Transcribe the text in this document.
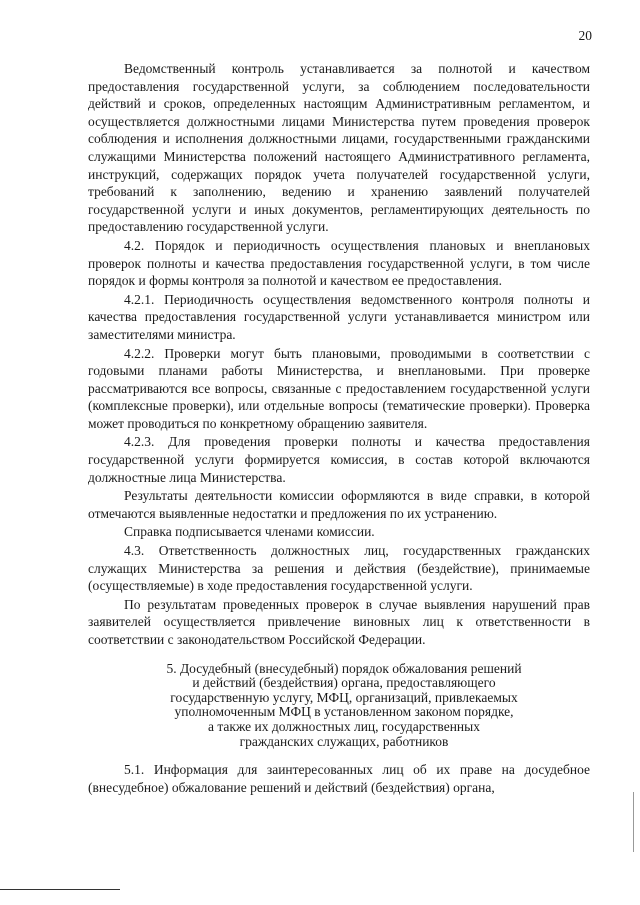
20

Ведомственный контроль устанавливается за полнотой и качеством предоставления государственной услуги, за соблюдением последовательности действий и сроков, определенных настоящим Административным регламентом, и осуществляется должностными лицами Министерства путем проведения проверок соблюдения и исполнения должностными лицами, государственными гражданскими служащими Министерства положений настоящего Административного регламента, инструкций, содержащих порядок учета получателей государственной услуги, требований к заполнению, ведению и хранению заявлений получателей государственной услуги и иных документов, регламентирующих деятельность по предоставлению государственной услуги.

4.2. Порядок и периодичность осуществления плановых и внеплановых проверок полноты и качества предоставления государственной услуги, в том числе порядок и формы контроля за полнотой и качеством ее предоставления.

4.2.1. Периодичность осуществления ведомственного контроля полноты и качества предоставления государственной услуги устанавливается министром или заместителями министра.

4.2.2. Проверки могут быть плановыми, проводимыми в соответствии с годовыми планами работы Министерства, и внеплановыми. При проверке рассматриваются все вопросы, связанные с предоставлением государственной услуги (комплексные проверки), или отдельные вопросы (тематические проверки). Проверка может проводиться по конкретному обращению заявителя.

4.2.3. Для проведения проверки полноты и качества предоставления государственной услуги формируется комиссия, в состав которой включаются должностные лица Министерства.

Результаты деятельности комиссии оформляются в виде справки, в которой отмечаются выявленные недостатки и предложения по их устранению.

Справка подписывается членами комиссии.

4.3. Ответственность должностных лиц, государственных гражданских служащих Министерства за решения и действия (бездействие), принимаемые (осуществляемые) в ходе предоставления государственной услуги.

По результатам проведенных проверок в случае выявления нарушений прав заявителей осуществляется привлечение виновных лиц к ответственности в соответствии с законодательством Российской Федерации.

5. Досудебный (внесудебный) порядок обжалования решений
и действий (бездействия) органа, предоставляющего
государственную услугу, МФЦ, организаций, привлекаемых
уполномоченным МФЦ в установленном законом порядке,
а также их должностных лиц, государственных
гражданских служащих, работников

5.1. Информация для заинтересованных лиц об их праве на досудебное (внесудебное) обжалование решений и действий (бездействия) органа,
